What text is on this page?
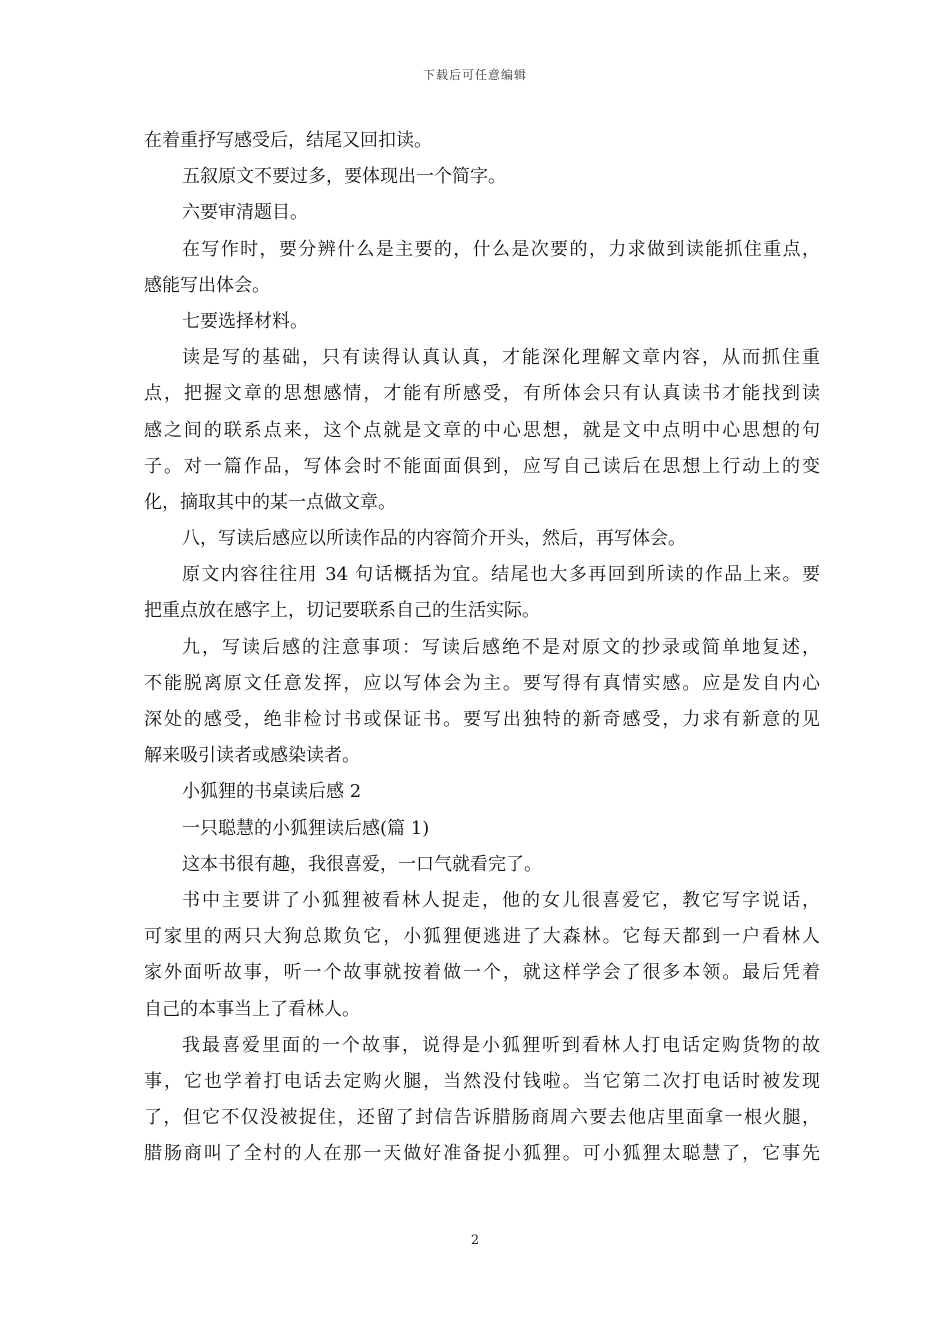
下载后可任意编辑
在着重抒写感受后，结尾又回扣读。
五叙原文不要过多，要体现出一个简字。
六要审清题目。
在写作时，要分辨什么是主要的，什么是次要的，力求做到读能抓住重点，
感能写出体会。
七要选择材料。
读是写的基础，只有读得认真认真，才能深化理解文章内容，从而抓住重
点，把握文章的思想感情，才能有所感受，有所体会只有认真读书才能找到读
感之间的联系点来，这个点就是文章的中心思想，就是文中点明中心思想的句
子。对一篇作品，写体会时不能面面俱到，应写自己读后在思想上行动上的变
化，摘取其中的某一点做文章。
八，写读后感应以所读作品的内容简介开头，然后，再写体会。
原文内容往往用 34 句话概括为宜。结尾也大多再回到所读的作品上来。要
把重点放在感字上，切记要联系自己的生活实际。
九，写读后感的注意事项：写读后感绝不是对原文的抄录或简单地复述，
不能脱离原文任意发挥，应以写体会为主。要写得有真情实感。应是发自内心
深处的感受，绝非检讨书或保证书。要写出独特的新奇感受，力求有新意的见
解来吸引读者或感染读者。
小狐狸的书桌读后感 2
一只聪慧的小狐狸读后感(篇 1)
这本书很有趣，我很喜爱，一口气就看完了。
书中主要讲了小狐狸被看林人捉走，他的女儿很喜爱它，教它写字说话，
可家里的两只大狗总欺负它，小狐狸便逃进了大森林。它每天都到一户看林人
家外面听故事，听一个故事就按着做一个，就这样学会了很多本领。最后凭着
自己的本事当上了看林人。
我最喜爱里面的一个故事，说得是小狐狸听到看林人打电话定购货物的故
事，它也学着打电话去定购火腿，当然没付钱啦。当它第二次打电话时被发现
了，但它不仅没被捉住，还留了封信告诉腊肠商周六要去他店里面拿一根火腿，
腊肠商叫了全村的人在那一天做好准备捉小狐狸。可小狐狸太聪慧了，它事先
2
